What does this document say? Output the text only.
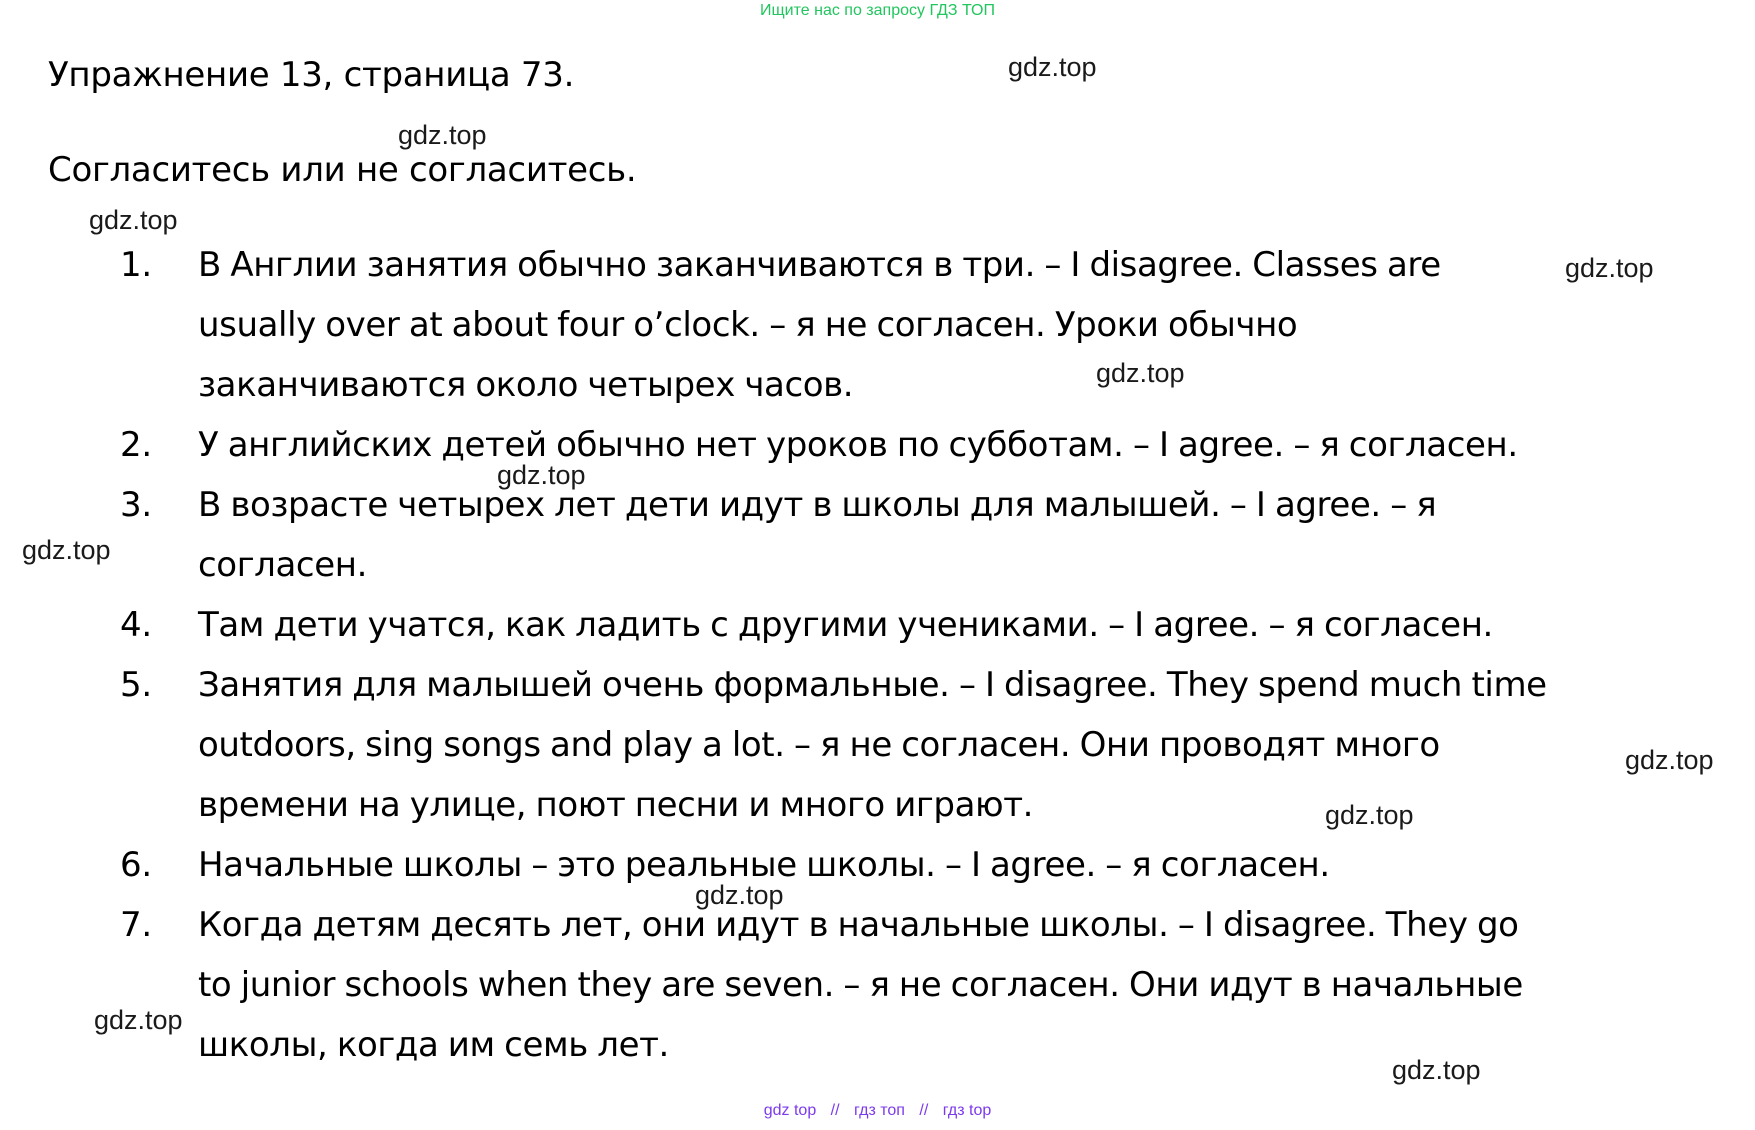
Ищите нас по запросу ГДЗ ТОП
Упражнение 13, страница 73.
Согласитесь или не согласитесь.
1.	В Англии занятия обычно заканчиваются в три. – I disagree. Classes are
usually over at about four o’clock. – я не согласен. Уроки обычно
заканчиваются около четырех часов.
2.	У английских детей обычно нет уроков по субботам. – I agree. – я согласен.
3.	В возрасте четырех лет дети идут в школы для малышей. – I agree. – я
согласен.
4.	Там дети учатся, как ладить с другими учениками. – I agree. – я согласен.
5.	Занятия для малышей очень формальные. – I disagree. They spend much time
outdoors, sing songs and play a lot. – я не согласен. Они проводят много
времени на улице, поют песни и много играют.
6.	Начальные школы – это реальные школы. – I agree. – я согласен.
7.	Когда детям десять лет, они идут в начальные школы. – I disagree. They go
to junior schools when they are seven. – я не согласен. Они идут в начальные
школы, когда им семь лет.
gdz.top
gdz.top
gdz.top
gdz.top
gdz.top
gdz.top
gdz.top
gdz.top
gdz.top
gdz.top
gdz.top
gdz.top
gdz top // гдз топ // гдз top
